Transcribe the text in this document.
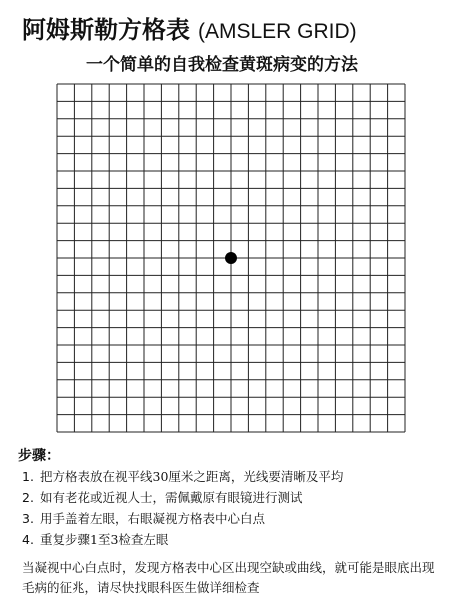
阿姆斯勒方格表 (AMSLER GRID)
一个简单的自我检查黄斑病变的方法
步骤：
1. 把方格表放在视平线30厘米之距离，光线要清晰及平均
2. 如有老花或近视人士，需佩戴原有眼镜进行测试
3. 用手盖着左眼，右眼凝视方格表中心白点
4. 重复步骤1至3检查左眼
当凝视中心白点时，发现方格表中心区出现空缺或曲线，就可能是眼底出现毛病的征兆，请尽快找眼科医生做详细检查
